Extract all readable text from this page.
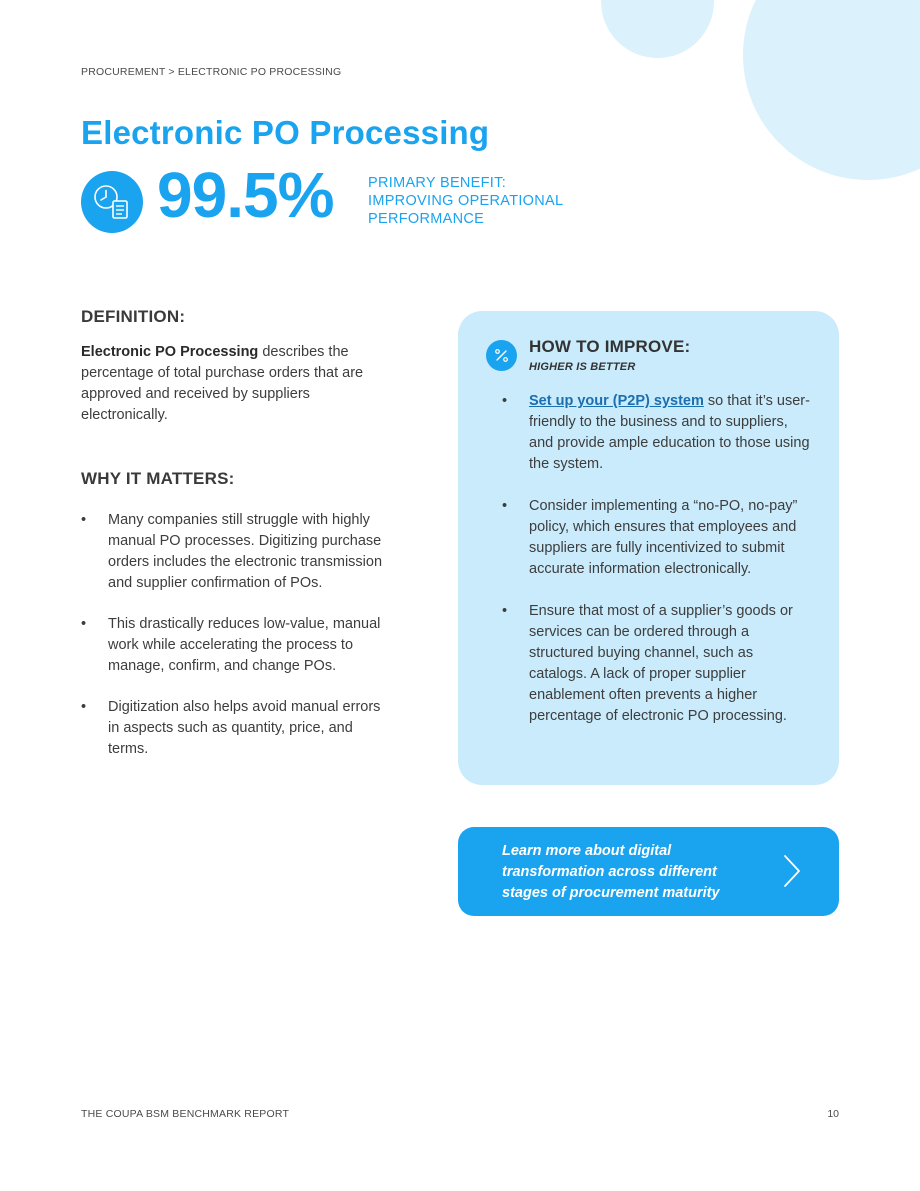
PROCUREMENT > ELECTRONIC PO PROCESSING
Electronic PO Processing
99.5% PRIMARY BENEFIT:
IMPROVING OPERATIONAL
PERFORMANCE
DEFINITION:

Electronic PO Processing describes the percentage of total purchase orders that are approved and received by suppliers electronically.

WHY IT MATTERS:
• Many companies still struggle with highly manual PO processes. Digitizing purchase orders includes the electronic transmission and supplier confirmation of POs.
• This drastically reduces low-value, manual work while accelerating the process to manage, confirm, and change POs.
• Digitization also helps avoid manual errors in aspects such as quantity, price, and terms.
HOW TO IMPROVE:
HIGHER IS BETTER
• Set up your (P2P) system so that it’s user-friendly to the business and to suppliers, and provide ample education to those using the system.
• Consider implementing a “no-PO, no-pay” policy, which ensures that employees and suppliers are fully incentivized to submit accurate information electronically.
• Ensure that most of a supplier’s goods or services can be ordered through a structured buying channel, such as catalogs. A lack of proper supplier enablement often prevents a higher percentage of electronic PO processing.
Learn more about digital transformation across different stages of procurement maturity
THE COUPA BSM BENCHMARK REPORT	10
